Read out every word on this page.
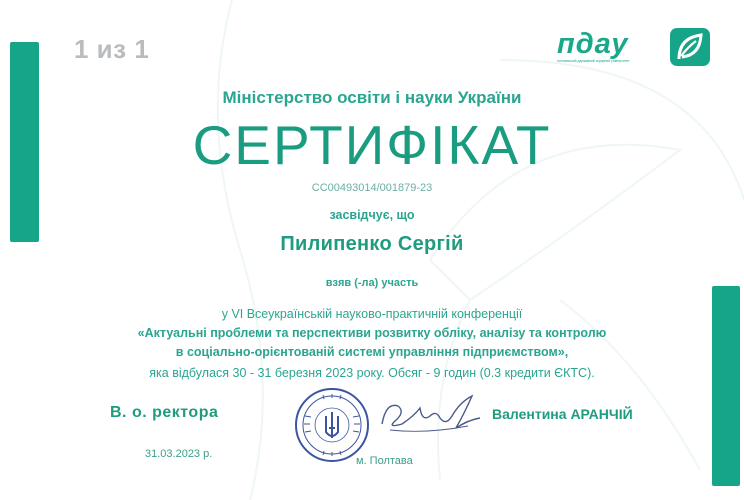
1 из 1	пдау
полтавський державний аграрний університет
Міністерство освіти і науки України
СЕРТИФІКАТ
СС00493014/001879-23
засвідчує, що
Пилипенко Сергій
взяв (-ла) участь
у VI Всеукраїнській науково-практичній конференції
«Актуальні проблеми та перспективи розвитку обліку, аналізу та контролю
в соціально-орієнтованій системі управління підприємством»,
яка відбулася 30 - 31 березня 2023 року. Обсяг - 9 годин (0.3 кредити ЄКТС).
В. о. ректора	Валентина АРАНЧІЙ
31.03.2023 р.
м. Полтава
